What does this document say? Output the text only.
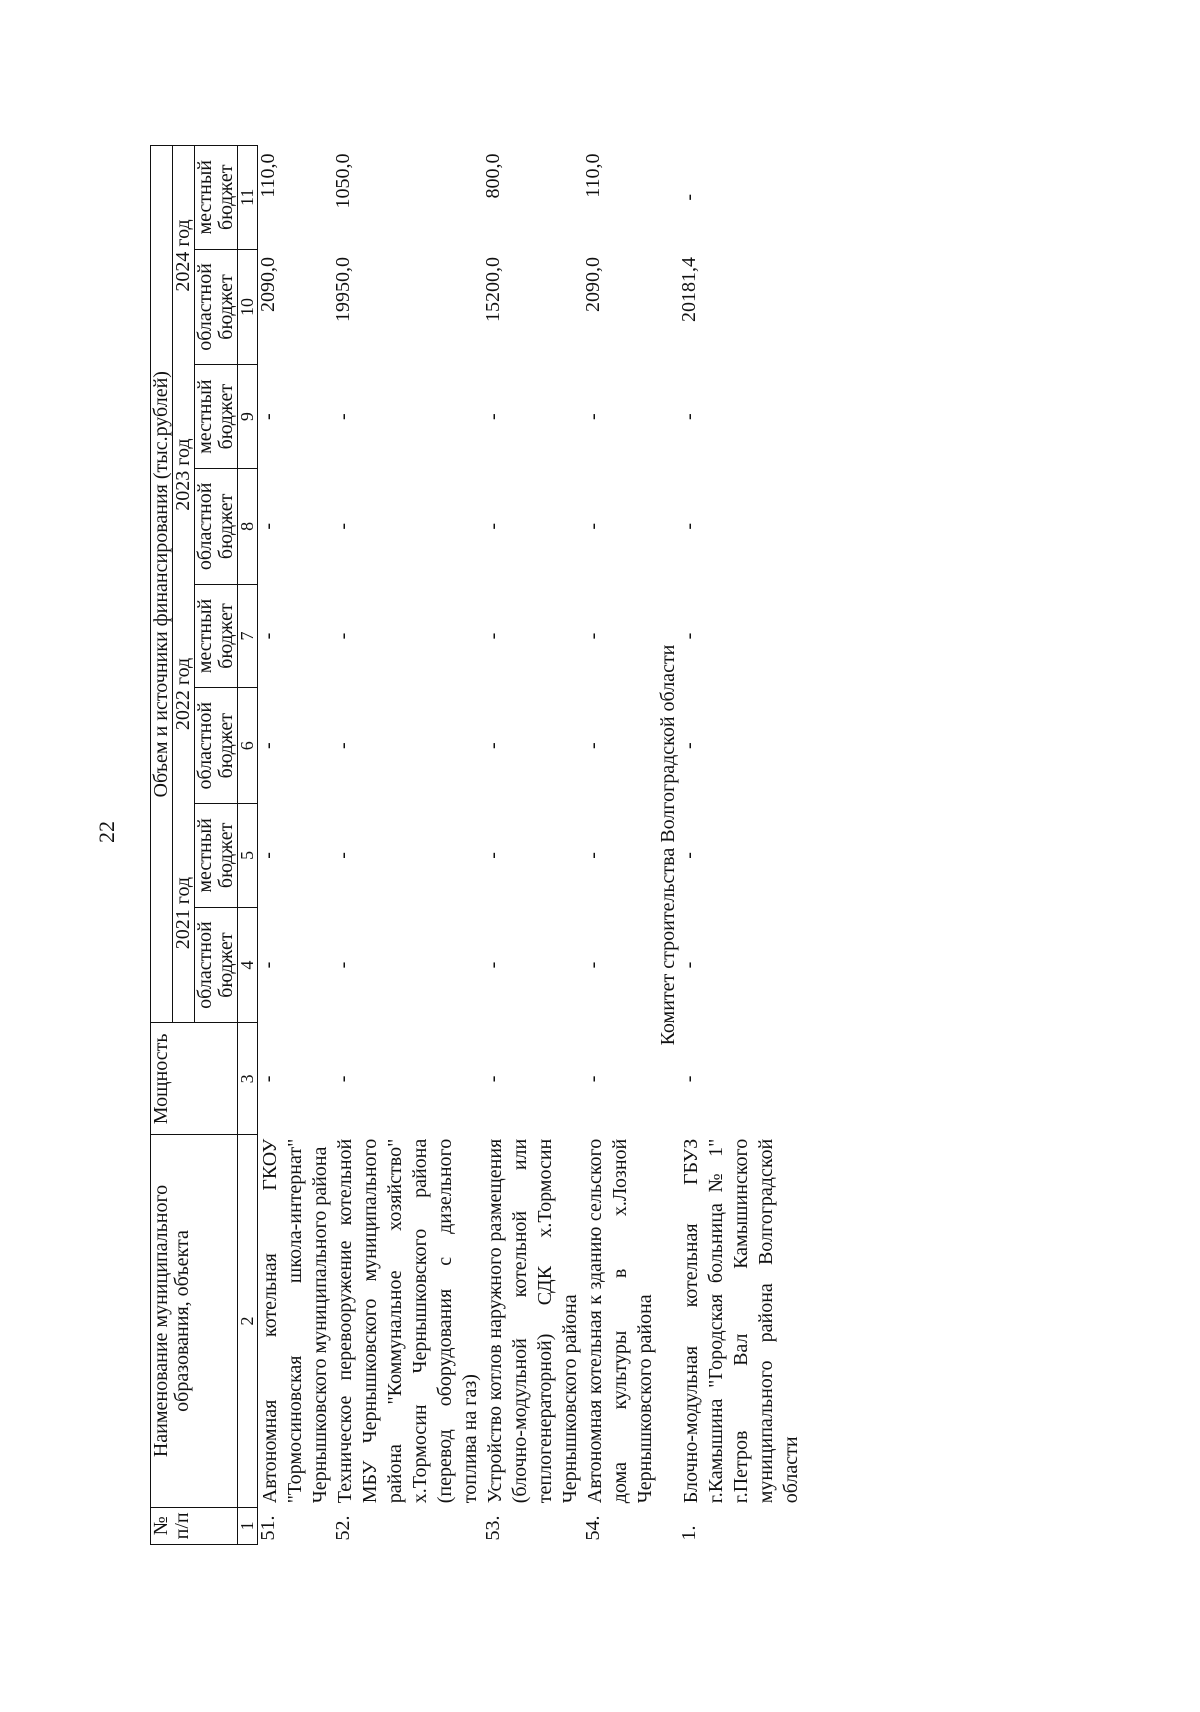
22
№ п/п	Наименование муниципального образования, объекта	Мощность	Объем и источники финансирования (тыс.рублей)							
			2021 год		2022 год		2023 год		2024 год	
			областной бюджет	местный бюджет	областной бюджет	местный бюджет	областной бюджет	местный бюджет	областной бюджет	местный бюджет
1	2	3	4	5	6	7	8	9	10	11
51.	Автономная котельная ГКОУ "Тормосиновская школа-интернат" Чернышковского муниципального района	-	-	-	-	-	-	-	2090,0	110,0
52.	Техническое перевооружение котельной МБУ Чернышковского муниципального района "Коммунальное хозяйство" х.Тормосин Чернышковского района (перевод оборудования с дизельного топлива на газ)	-	-	-	-	-	-	-	19950,0	1050,0
53.	Устройство котлов наружного размещения (блочно-модульной котельной или теплогенераторной) СДК х.Тормосин Чернышковского района	-	-	-	-	-	-	-	15200,0	800,0
54.	Автономная котельная к зданию сельского дома культуры в х.Лозной Чернышковского района	-	-	-	-	-	-	-	2090,0	110,0
Комитет строительства Волгоградской области										
1.	Блочно-модульная котельная ГБУЗ г.Камышина "Городская больница № 1" г.Петров Вал Камышинского муниципального района Волгоградской области	-	-	-	-	-	-	-	20181,4	-
